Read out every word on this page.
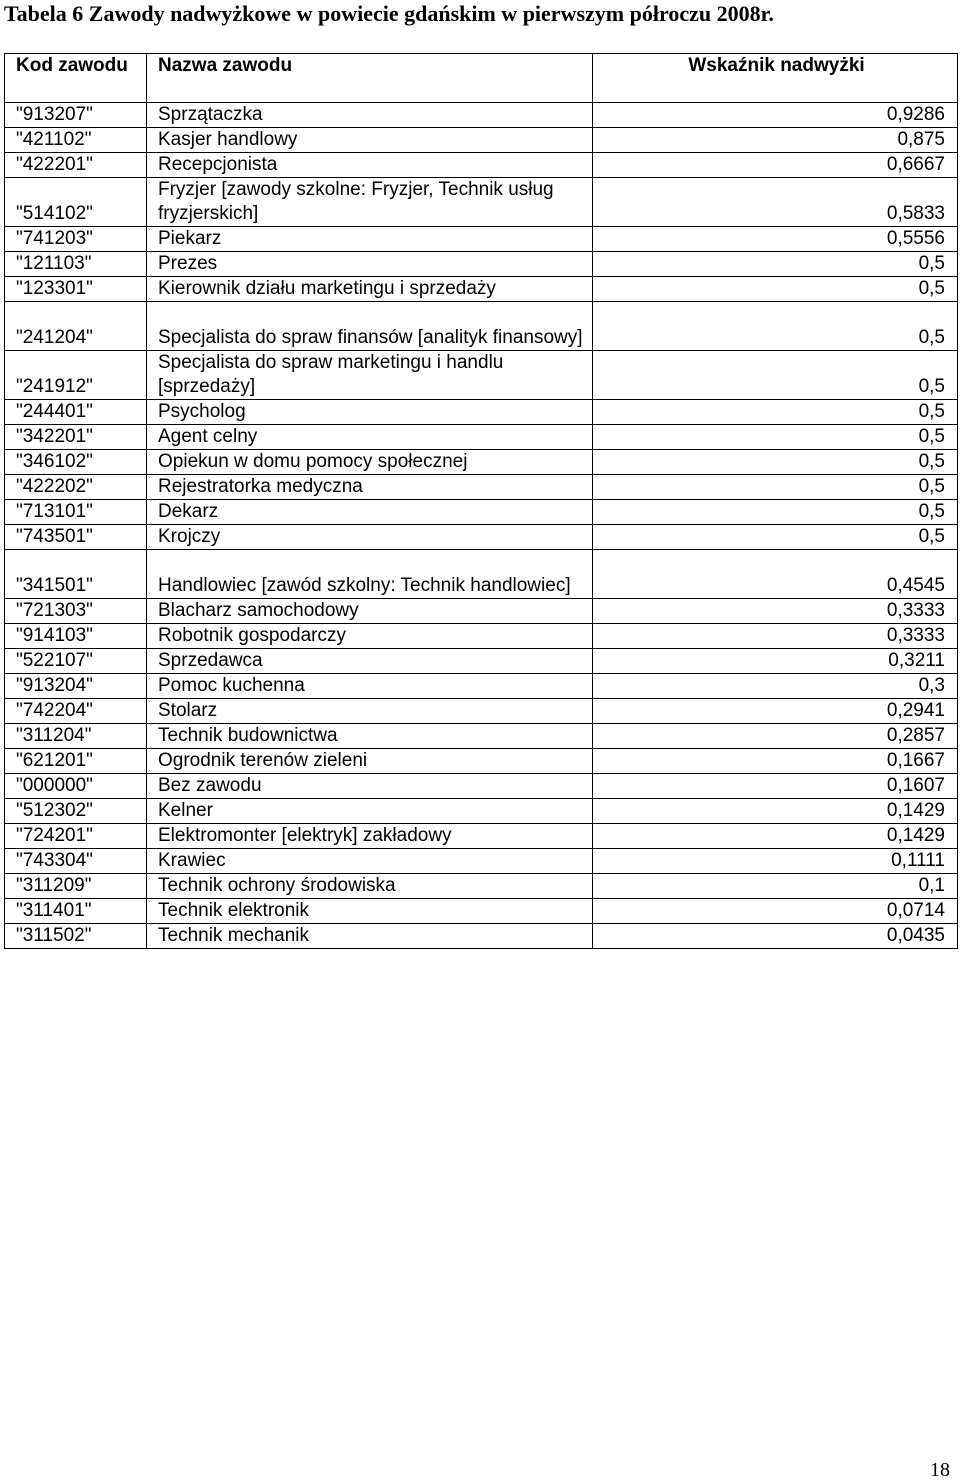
Tabela 6 Zawody nadwyżkowe w powiecie gdańskim w pierwszym półroczu 2008r.
Kod zawodu	Nazwa zawodu	Wskaźnik nadwyżki
"913207"	Sprzątaczka	0,9286
"421102"	Kasjer handlowy	0,875
"422201"	Recepcjonista	0,6667
"514102"	Fryzjer [zawody szkolne: Fryzjer, Technik usług fryzjerskich]	0,5833
"741203"	Piekarz	0,5556
"121103"	Prezes	0,5
"123301"	Kierownik działu marketingu i sprzedaży	0,5
"241204"	Specjalista do spraw finansów [analityk finansowy]	0,5
"241912"	Specjalista do spraw marketingu i handlu [sprzedaży]	0,5
"244401"	Psycholog	0,5
"342201"	Agent celny	0,5
"346102"	Opiekun w domu pomocy społecznej	0,5
"422202"	Rejestratorka medyczna	0,5
"713101"	Dekarz	0,5
"743501"	Krojczy	0,5
"341501"	Handlowiec [zawód szkolny: Technik handlowiec]	0,4545
"721303"	Blacharz samochodowy	0,3333
"914103"	Robotnik gospodarczy	0,3333
"522107"	Sprzedawca	0,3211
"913204"	Pomoc kuchenna	0,3
"742204"	Stolarz	0,2941
"311204"	Technik budownictwa	0,2857
"621201"	Ogrodnik terenów zieleni	0,1667
"000000"	Bez zawodu	0,1607
"512302"	Kelner	0,1429
"724201"	Elektromonter [elektryk] zakładowy	0,1429
"743304"	Krawiec	0,1111
"311209"	Technik ochrony środowiska	0,1
"311401"	Technik elektronik	0,0714
"311502"	Technik mechanik	0,0435
18
